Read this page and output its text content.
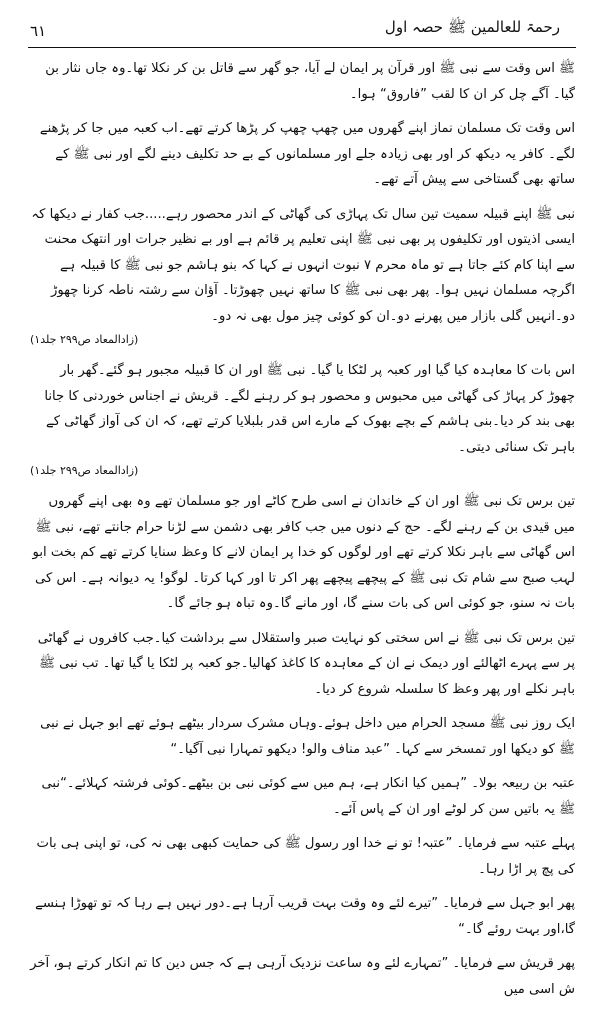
رحمۃ للعالمین ﷺ حصہ اول
٦١

ﷺ اس وقت سے نبی ﷺ اور قرآن پر ایمان لے آیا، جو گھر سے قاتل بن کر نکلا تھا۔وہ جاں نثار بن گیا۔ آگے چل کر ان کا لقب ”فاروق“ ہوا۔

اس وقت تک مسلمان نماز اپنے گھروں میں چھپ چھپ کر پڑھا کرتے تھے۔اب کعبہ میں جا کر پڑھنے لگے۔ کافر یہ دیکھ کر اور بھی زیادہ جلے اور مسلمانوں کے بے حد تکلیف دینے لگے اور نبی ﷺ کے ساتھ بھی گستاخی سے پیش آتے تھے۔

نبی ﷺ اپنے قبیلہ سمیت تین سال تک پہاڑی کی گھاٹی کے اندر محصور رہے.....جب کفار نے دیکھا کہ ایسی اذیتوں اور تکلیفوں پر بھی نبی ﷺ اپنی تعلیم پر قائم ہے اور بے نظیر جرات اور انتھک محنت سے اپنا کام کئے جاتا ہے تو ماہ محرم ۷ نبوت انہوں نے کہا کہ بنو ہاشم جو نبی ﷺ کا قبیلہ ہے اگرچہ مسلمان نہیں ہوا۔ پھر بھی نبی ﷺ کا ساتھ نہیں چھوڑتا۔ آؤان سے رشتہ ناطہ کرنا چھوڑ دو۔انہیں گلی بازار میں پھرنے دو۔ان کو کوئی چیز مول بھی نہ دو۔

(زادالمعاد ص۲۹۹ جلد۱)

اس بات کا معاہدہ کیا گیا اور کعبہ پر لٹکا یا گیا۔ نبی ﷺ اور ان کا قبیلہ مجبور ہو گئے۔گھر بار چھوڑ کر پہاڑ کی گھاٹی میں محبوس و محصور ہو کر رہنے لگے۔ قریش نے اجناس خوردنی کا جانا بھی بند کر دیا۔بنی ہاشم کے بچے بھوک کے مارے اس قدر بلبلایا کرتے تھے، کہ ان کی آواز گھاٹی کے باہر تک سنائی دیتی۔

(زادالمعاد ص۲۹۹ جلد۱)

تین برس تک نبی ﷺ اور ان کے خاندان نے اسی طرح کاٹے اور جو مسلمان تھے وہ بھی اپنے گھروں میں قیدی بن کے رہنے لگے۔ حج کے دنوں میں جب کافر بھی دشمن سے لڑنا حرام جانتے تھے، نبی ﷺ اس گھاٹی سے باہر نکلا کرتے تھے اور لوگوں کو خدا پر ایمان لانے کا وعظ سنایا کرتے تھے کم بخت ابو لہب صبح سے شام تک نبی ﷺ کے پیچھے پیچھے پھر اکر تا اور کہا کرتا۔ لوگو! یہ دیوانہ ہے۔ اس کی بات نہ سنو، جو کوئی اس کی بات سنے گا، اور مانے گا۔وہ تباہ ہو جائے گا۔

تین برس تک نبی ﷺ نے اس سختی کو نہایت صبر واستقلال سے برداشت کیا۔جب کافروں نے گھاٹی پر سے پہرے اٹھالئے اور دیمک نے ان کے معاہدہ کا کاغذ کھالیا۔جو کعبہ پر لٹکا یا گیا تھا۔ تب نبی ﷺ باہر نکلے اور پھر وعظ کا سلسلہ شروع کر دیا۔

ایک روز نبی ﷺ مسجد الحرام میں داخل ہوئے۔وہاں مشرک سردار بیٹھے ہوئے تھے ابو جہل نے نبی ﷺ کو دیکھا اور تمسخر سے کہا۔ ”عبد مناف والو! دیکھو تمہارا نبی آگیا۔“

عتبہ بن ربیعہ بولا۔ ”ہمیں کیا انکار ہے، ہم میں سے کوئی نبی بن بیٹھے۔کوئی فرشتہ کہلائے۔“نبی ﷺ یہ باتیں سن کر لوٹے اور ان کے پاس آئے۔

پہلے عتبہ سے فرمایا۔ ”عتبہ! تو نے خدا اور رسول ﷺ کی حمایت کبھی بھی نہ کی، تو اپنی ہی بات کی پچ پر اڑا رہا۔

پھر ابو جہل سے فرمایا۔ ”تیرے لئے وہ وقت بہت قریب آرہا ہے۔دور نہیں ہے رہا کہ تو تھوڑا ہنسے گا،اور بہت روئے گا۔“

پھر قریش سے فرمایا۔ ”تمہارے لئے وہ ساعت نزدیک آرہی ہے کہ جس دین کا تم انکار کرتے ہو، آخر ش اسی میں
